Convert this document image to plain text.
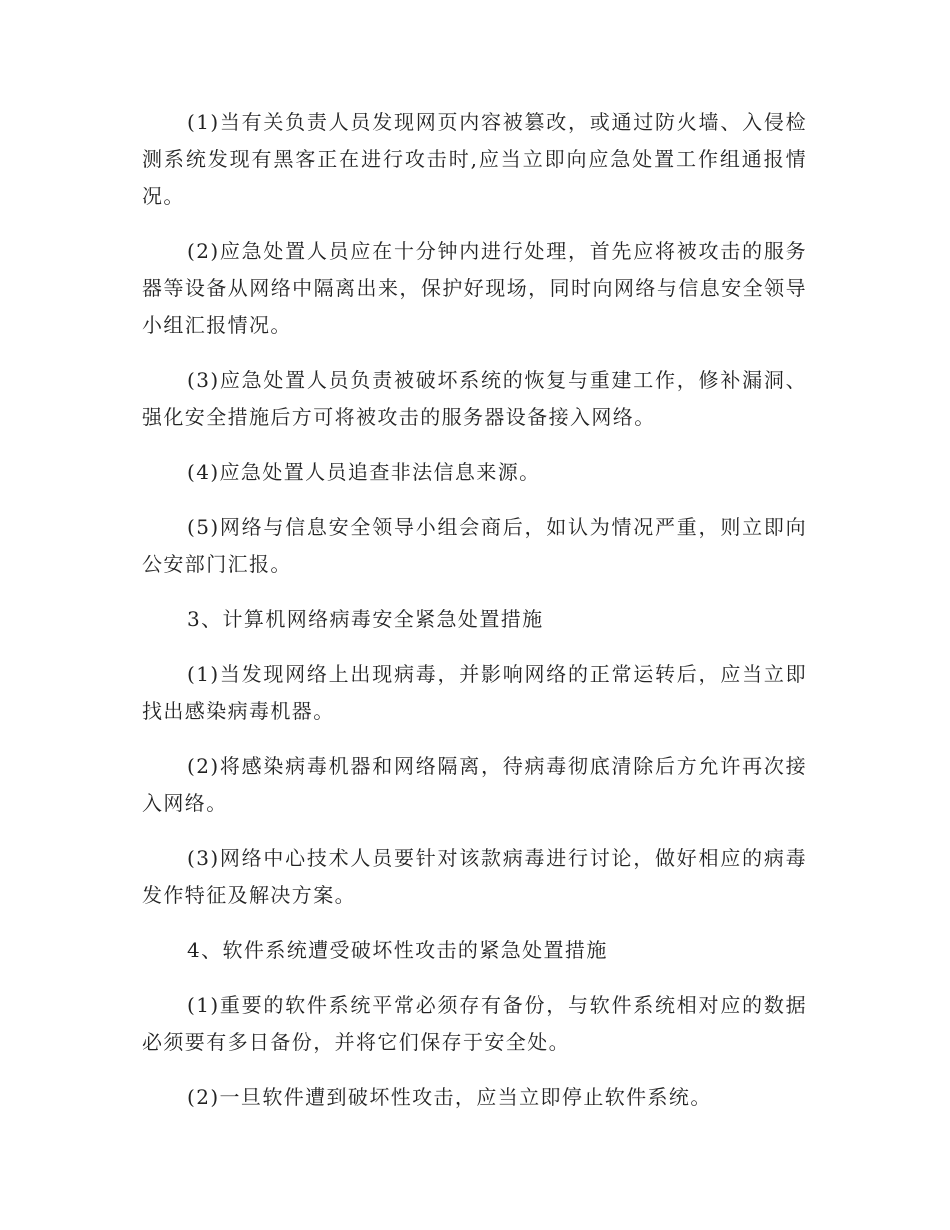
(1)当有关负责人员发现网页内容被篡改，或通过防火墙、入侵检测系统发现有黑客正在进行攻击时,应当立即向应急处置工作组通报情况。

(2)应急处置人员应在十分钟内进行处理，首先应将被攻击的服务器等设备从网络中隔离出来，保护好现场，同时向网络与信息安全领导小组汇报情况。

(3)应急处置人员负责被破坏系统的恢复与重建工作，修补漏洞、强化安全措施后方可将被攻击的服务器设备接入网络。

(4)应急处置人员追查非法信息来源。

(5)网络与信息安全领导小组会商后，如认为情况严重，则立即向公安部门汇报。

3、计算机网络病毒安全紧急处置措施

(1)当发现网络上出现病毒，并影响网络的正常运转后，应当立即找出感染病毒机器。

(2)将感染病毒机器和网络隔离，待病毒彻底清除后方允许再次接入网络。

(3)网络中心技术人员要针对该款病毒进行讨论，做好相应的病毒发作特征及解决方案。

4、软件系统遭受破坏性攻击的紧急处置措施

(1)重要的软件系统平常必须存有备份，与软件系统相对应的数据必须要有多日备份，并将它们保存于安全处。

(2)一旦软件遭到破坏性攻击，应当立即停止软件系统。
